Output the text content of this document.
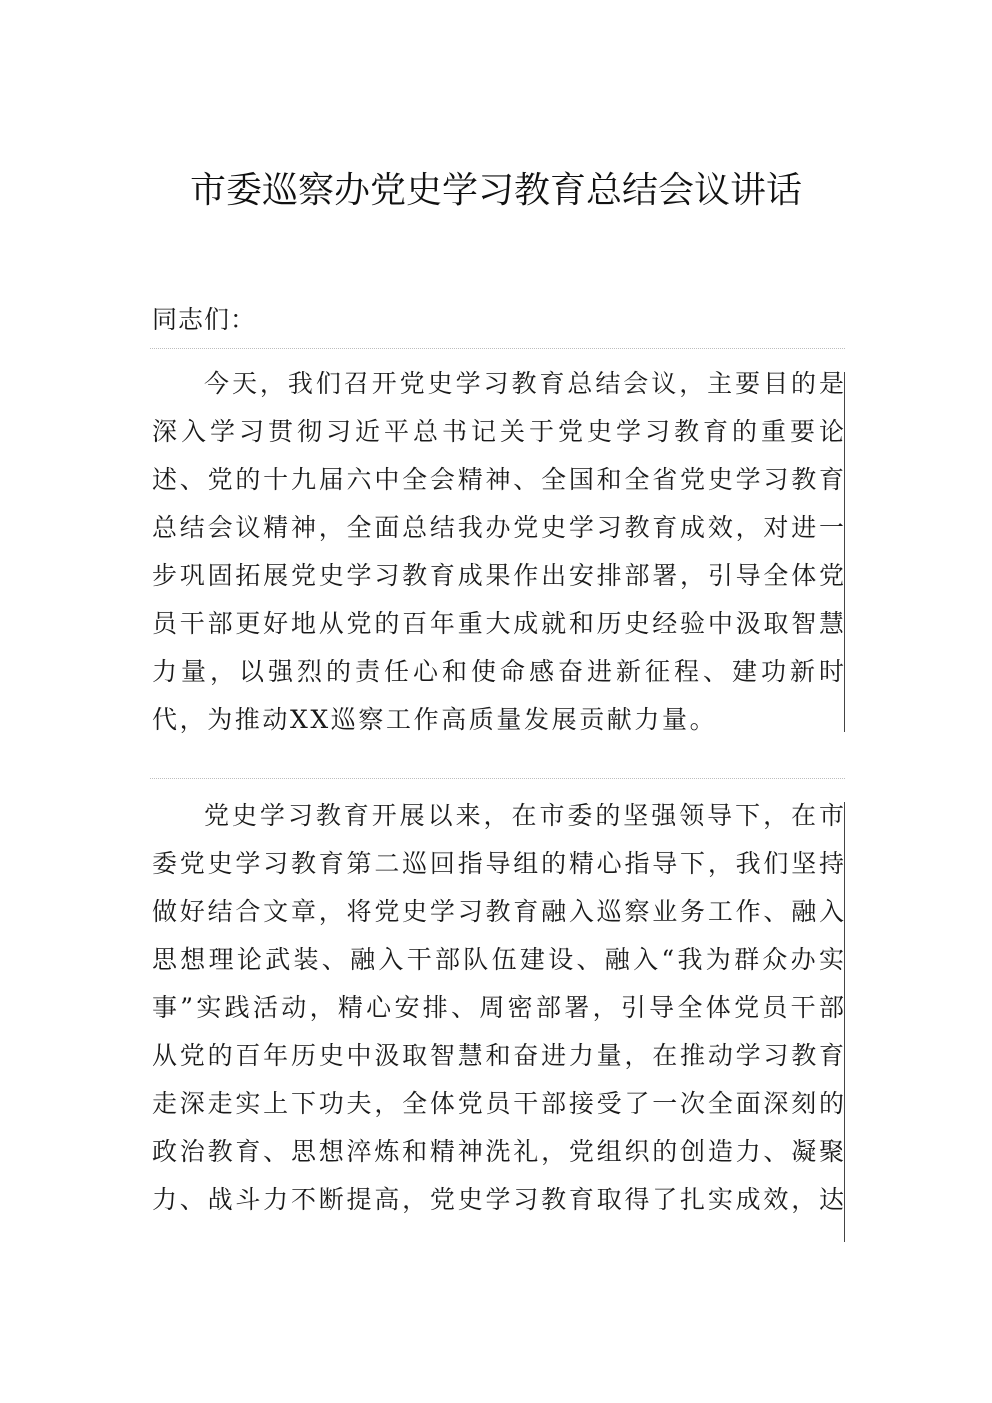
市委巡察办党史学习教育总结会议讲话

同志们：

今天，我们召开党史学习教育总结会议，主要目的是
深入学习贯彻习近平总书记关于党史学习教育的重要论
述、党的十九届六中全会精神、全国和全省党史学习教育
总结会议精神，全面总结我办党史学习教育成效，对进一
步巩固拓展党史学习教育成果作出安排部署，引导全体党
员干部更好地从党的百年重大成就和历史经验中汲取智慧
力量，以强烈的责任心和使命感奋进新征程、建功新时
代，为推动XX巡察工作高质量发展贡献力量。
党史学习教育开展以来，在市委的坚强领导下，在市
委党史学习教育第二巡回指导组的精心指导下，我们坚持
做好结合文章，将党史学习教育融入巡察业务工作、融入
思想理论武装、融入干部队伍建设、融入“我为群众办实
事”实践活动，精心安排、周密部署，引导全体党员干部
从党的百年历史中汲取智慧和奋进力量，在推动学习教育
走深走实上下功夫，全体党员干部接受了一次全面深刻的
政治教育、思想淬炼和精神洗礼，党组织的创造力、凝聚
力、战斗力不断提高，党史学习教育取得了扎实成效，达
